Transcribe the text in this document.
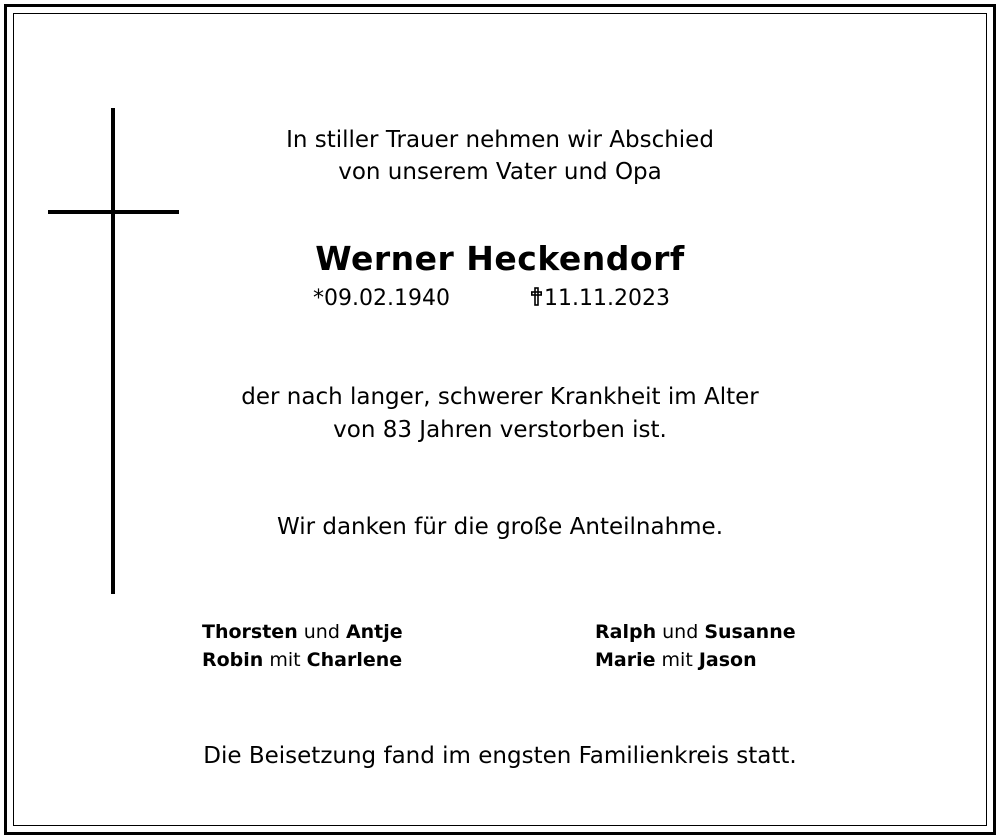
In stiller Trauer nehmen wir Abschied
von unserem Vater und Opa
Werner Heckendorf
*09.02.1940	11.11.2023
der nach langer, schwerer Krankheit im Alter
von 83 Jahren verstorben ist.
Wir danken für die große Anteilnahme.
Thorsten und Antje
Robin mit Charlene
Ralph und Susanne
Marie mit Jason
Die Beisetzung fand im engsten Familienkreis statt.
